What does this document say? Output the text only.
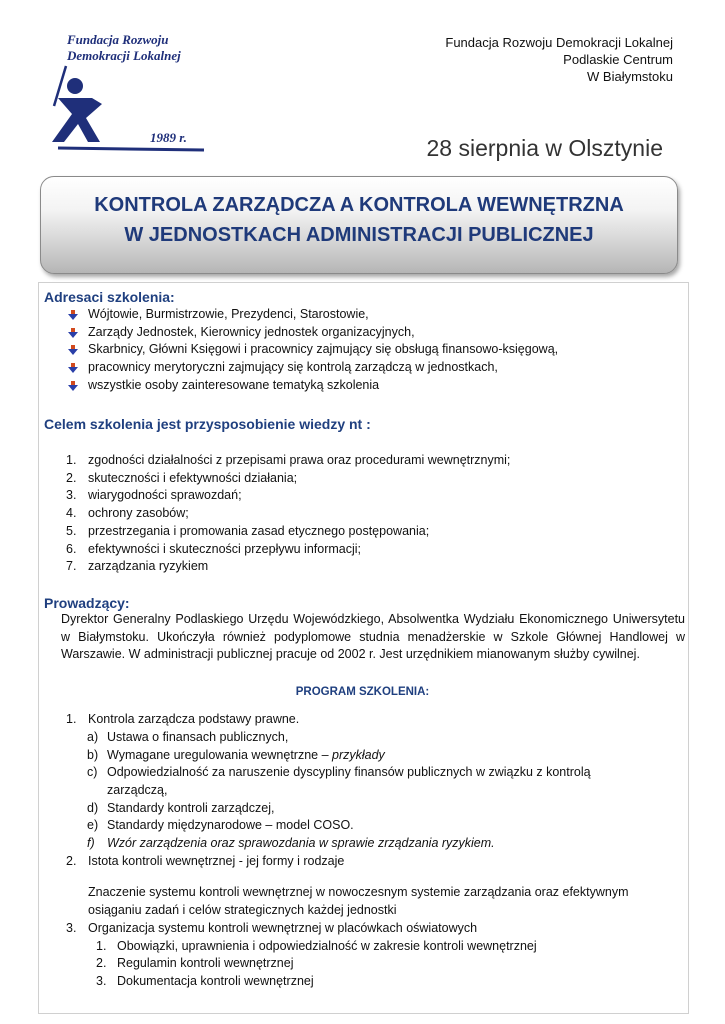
Fundacja Rozwoju
Demokracji Lokalnej
1989 r.
Fundacja Rozwoju Demokracji Lokalnej
Podlaskie Centrum
W Białymstoku
28 sierpnia w Olsztynie
KONTROLA ZARZĄDCZA A KONTROLA WEWNĘTRZNA
W JEDNOSTKACH ADMINISTRACJI PUBLICZNEJ
Adresaci szkolenia:
Wójtowie, Burmistrzowie, Prezydenci, Starostowie,
Zarządy Jednostek, Kierownicy jednostek organizacyjnych,
Skarbnicy, Główni Księgowi i pracownicy zajmujący się obsługą finansowo-księgową,
pracownicy merytoryczni zajmujący się kontrolą zarządczą w jednostkach,
wszystkie osoby zainteresowane tematyką szkolenia
Celem szkolenia jest przysposobienie wiedzy nt :
1. zgodności działalności z przepisami prawa oraz procedurami wewnętrznymi;
2. skuteczności i efektywności działania;
3. wiarygodności sprawozdań;
4. ochrony zasobów;
5. przestrzegania i promowania zasad etycznego postępowania;
6. efektywności i skuteczności przepływu informacji;
7. zarządzania ryzykiem
Prowadzący:
Dyrektor Generalny Podlaskiego Urzędu Wojewódzkiego, Absolwentka Wydziału Ekonomicznego Uniwersytetu w Białymstoku. Ukończyła również podyplomowe studnia menadżerskie w Szkole Głównej Handlowej w Warszawie. W administracji publicznej pracuje od 2002 r. Jest urzędnikiem mianowanym służby cywilnej.
PROGRAM SZKOLENIA:
1. Kontrola zarządcza podstawy prawne.
a) Ustawa o finansach publicznych,
b) Wymagane uregulowania wewnętrzne – przykłady
c) Odpowiedzialność za naruszenie dyscypliny finansów publicznych w związku z kontrolą
zarządczą,
d) Standardy kontroli zarządczej,
e) Standardy międzynarodowe – model COSO.
f) Wzór zarządzenia oraz sprawozdania w sprawie zrządzania ryzykiem.
2. Istota kontroli wewnętrznej - jej formy i rodzaje
Znaczenie systemu kontroli wewnętrznej w nowoczesnym systemie zarządzania oraz efektywnym
osiąganiu zadań i celów strategicznych każdej jednostki
3. Organizacja systemu kontroli wewnętrznej w placówkach oświatowych
1. Obowiązki, uprawnienia i odpowiedzialność w zakresie kontroli wewnętrznej
2. Regulamin kontroli wewnętrznej
3. Dokumentacja kontroli wewnętrznej
